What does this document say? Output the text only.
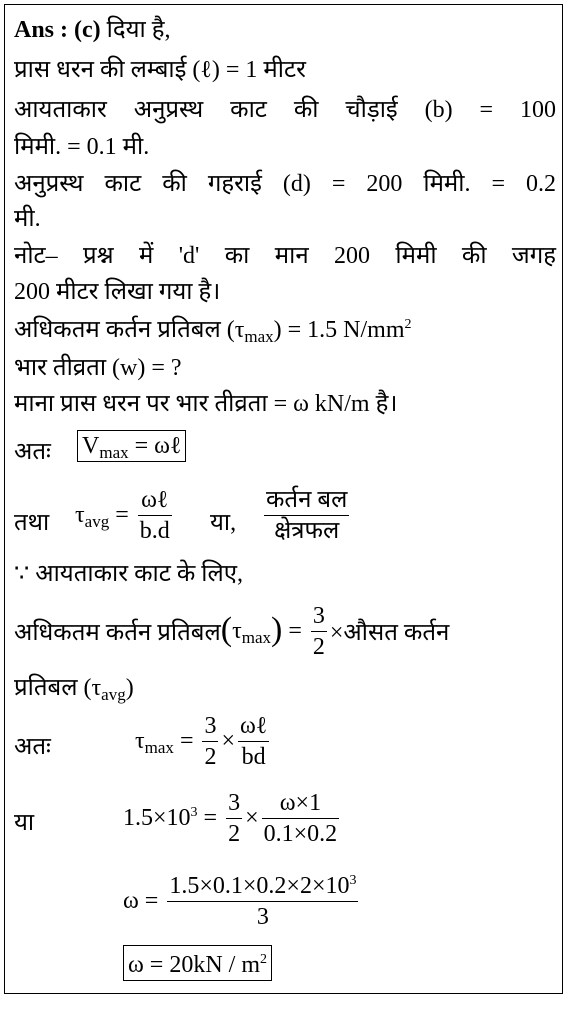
Ans : (c) दिया है,
प्रास धरन की लम्बाई (ℓ) = 1 मीटर
आयताकार अनुप्रस्थ काट की चौड़ाई (b) = 100
मिमी. = 0.1 मी.
अनुप्रस्थ काट की गहराई (d) = 200 मिमी. = 0.2
मी.
नोट– प्रश्न में 'd' का मान 200 मिमी की जगह
200 मीटर लिखा गया है।
अधिकतम कर्तन प्रतिबल $(\tau_{max}) = 1.5$ $N/mm^2$
भार तीव्रता (w) = ?
माना प्रास धरन पर भार तीव्रता = ω kN/m है।
अतः $V_{max}$ = ωℓ
तथा $\tau_{avg} = \frac{\text{ωℓ}}{b.d}$ या, $\frac{\text{कर्तन बल}}{\text{क्षेत्रफल}}$
∵ आयताकार काट के लिए,
अधिकतम कर्तन $प्रतिबल(\tau_{max}) = \frac{3}{2}$ ×औसत कर्तन
प्रतिबल $(\tau_{avg})$
अतः	$\tau_{max} = \frac{3}{2} \times \frac{\text{ωℓ}}{bd}$
या	$1.5\times 10^3 = \frac{3}{2} \times \frac{\omega\times 1}{0.1\times 0.2}$
$\omega = \frac{1.5\times 0.1\times 0.2\times 2\times 10^3}{3}$
$\omega = 20kN / m^2$
